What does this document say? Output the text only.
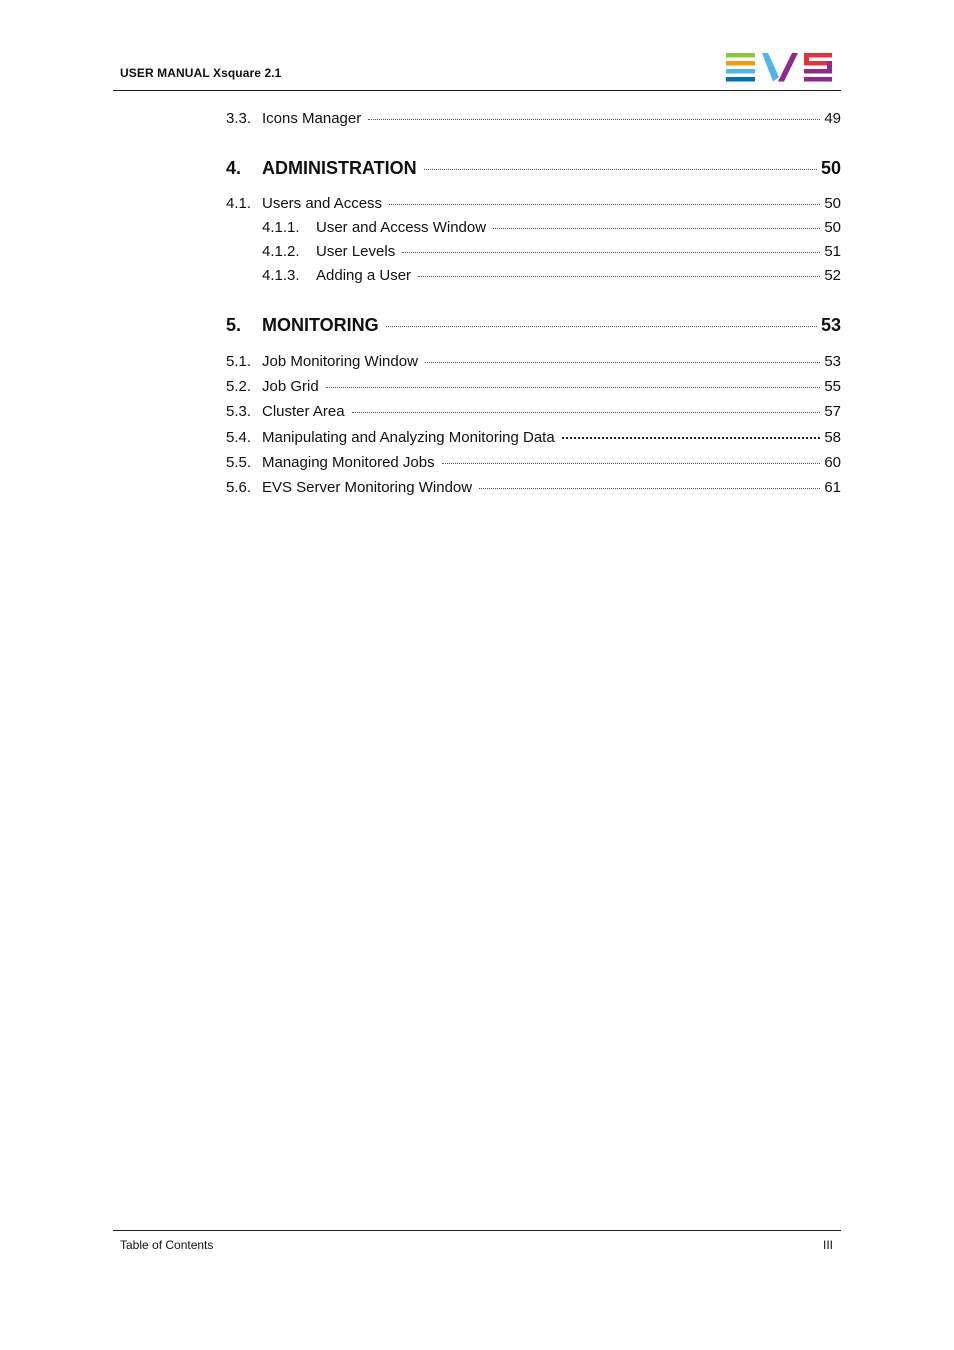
USER MANUAL Xsquare 2.1
3.3. Icons Manager	49
4.	ADMINISTRATION	50
4.1. Users and Access	50
4.1.1.	User and Access Window	50
4.1.2.	User Levels	51
4.1.3.	Adding a User	52
5.	MONITORING	53
5.1. Job Monitoring Window	53
5.2. Job Grid	55
5.3. Cluster Area	57
5.4. Manipulating and Analyzing Monitoring Data	58
5.5. Managing Monitored Jobs	60
5.6. EVS Server Monitoring Window	61
Table of Contents	III
